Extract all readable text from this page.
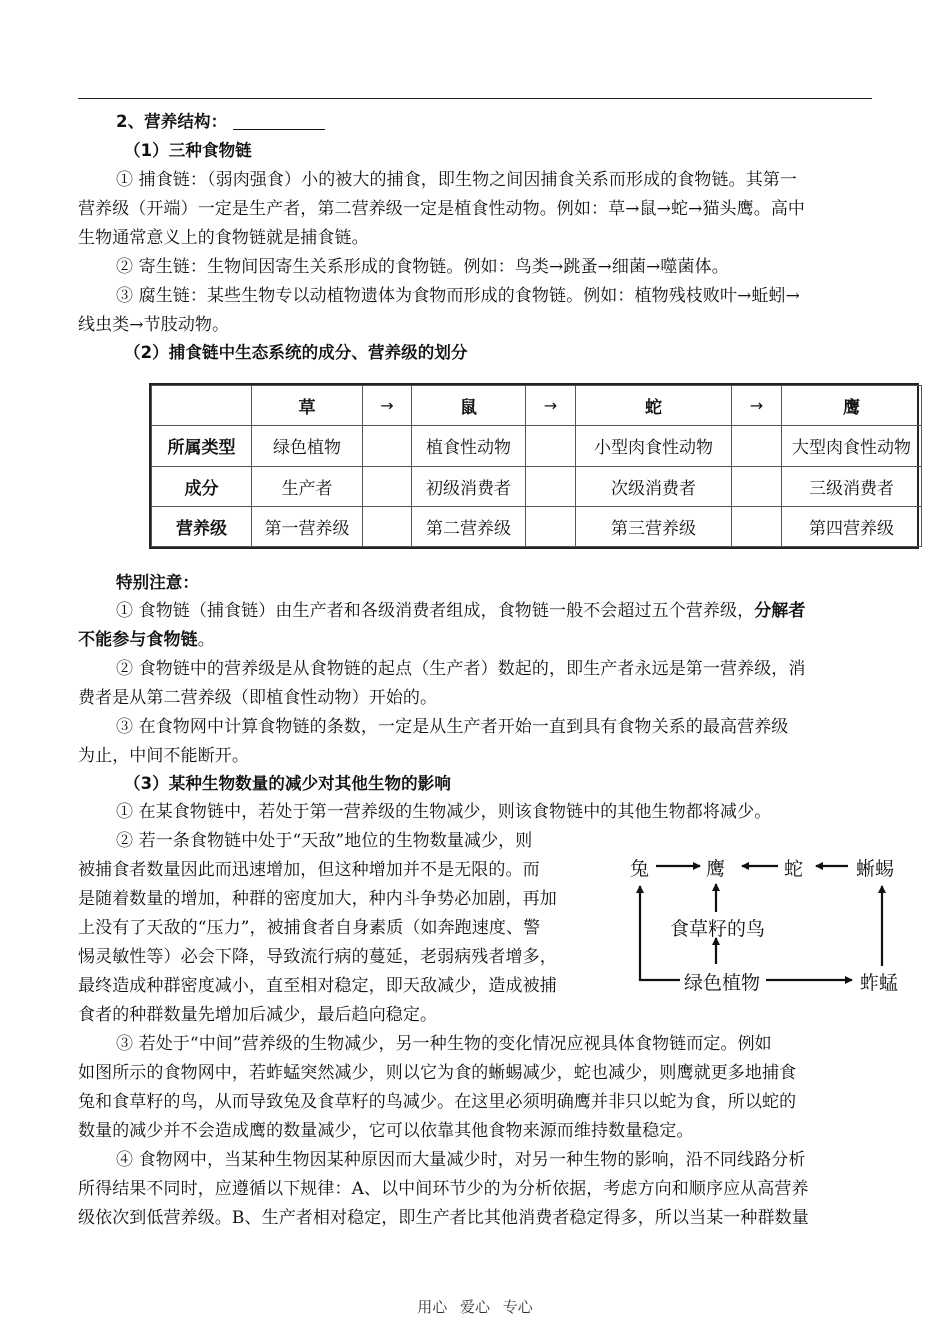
2、营养结构：
（1）三种食物链
① 捕食链：（弱肉强食）小的被大的捕食，即生物之间因捕食关系而形成的食物链。其第一
营养级（开端）一定是生产者，第二营养级一定是植食性动物。例如：草→鼠→蛇→猫头鹰。高中
生物通常意义上的食物链就是捕食链。
② 寄生链：生物间因寄生关系形成的食物链。例如：鸟类→跳蚤→细菌→噬菌体。
③ 腐生链：某些生物专以动植物遗体为食物而形成的食物链。例如：植物残枝败叶→蚯蚓→
线虫类→节肢动物。
（2）捕食链中生态系统的成分、营养级的划分
	草	→	鼠	→	蛇	→	鹰
所属类型	绿色植物		植食性动物		小型肉食性动物		大型肉食性动物
成分	生产者		初级消费者		次级消费者		三级消费者
营养级	第一营养级		第二营养级		第三营养级		第四营养级
特别注意：
① 食物链（捕食链）由生产者和各级消费者组成，食物链一般不会超过五个营养级，分解者
不能参与食物链。
② 食物链中的营养级是从食物链的起点（生产者）数起的，即生产者永远是第一营养级，消
费者是从第二营养级（即植食性动物）开始的。
③ 在食物网中计算食物链的条数，一定是从生产者开始一直到具有食物关系的最高营养级
为止，中间不能断开。
（3）某种生物数量的减少对其他生物的影响
① 在某食物链中，若处于第一营养级的生物减少，则该食物链中的其他生物都将减少。
② 若一条食物链中处于“天敌”地位的生物数量减少，则
被捕食者数量因此而迅速增加，但这种增加并不是无限的。而
是随着数量的增加，种群的密度加大，种内斗争势必加剧，再加
上没有了天敌的“压力”，被捕食者自身素质（如奔跑速度、警
惕灵敏性等）必会下降，导致流行病的蔓延，老弱病残者增多，
最终造成种群密度减小，直至相对稳定，即天敌减少，造成被捕
食者的种群数量先增加后减少，最后趋向稳定。
兔	鹰	蛇	蜥蜴
食草籽的鸟
绿色植物	蚱蜢
③ 若处于“中间”营养级的生物减少，另一种生物的变化情况应视具体食物链而定。例如
如图所示的食物网中，若蚱蜢突然减少，则以它为食的蜥蜴减少，蛇也减少，则鹰就更多地捕食
兔和食草籽的鸟，从而导致兔及食草籽的鸟减少。在这里必须明确鹰并非只以蛇为食，所以蛇的
数量的减少并不会造成鹰的数量减少，它可以依靠其他食物来源而维持数量稳定。
④ 食物网中，当某种生物因某种原因而大量减少时，对另一种生物的影响，沿不同线路分析
所得结果不同时，应遵循以下规律：A、以中间环节少的为分析依据，考虑方向和顺序应从高营养
级依次到低营养级。B、生产者相对稳定，即生产者比其他消费者稳定得多，所以当某一种群数量
用心 爱心 专心
